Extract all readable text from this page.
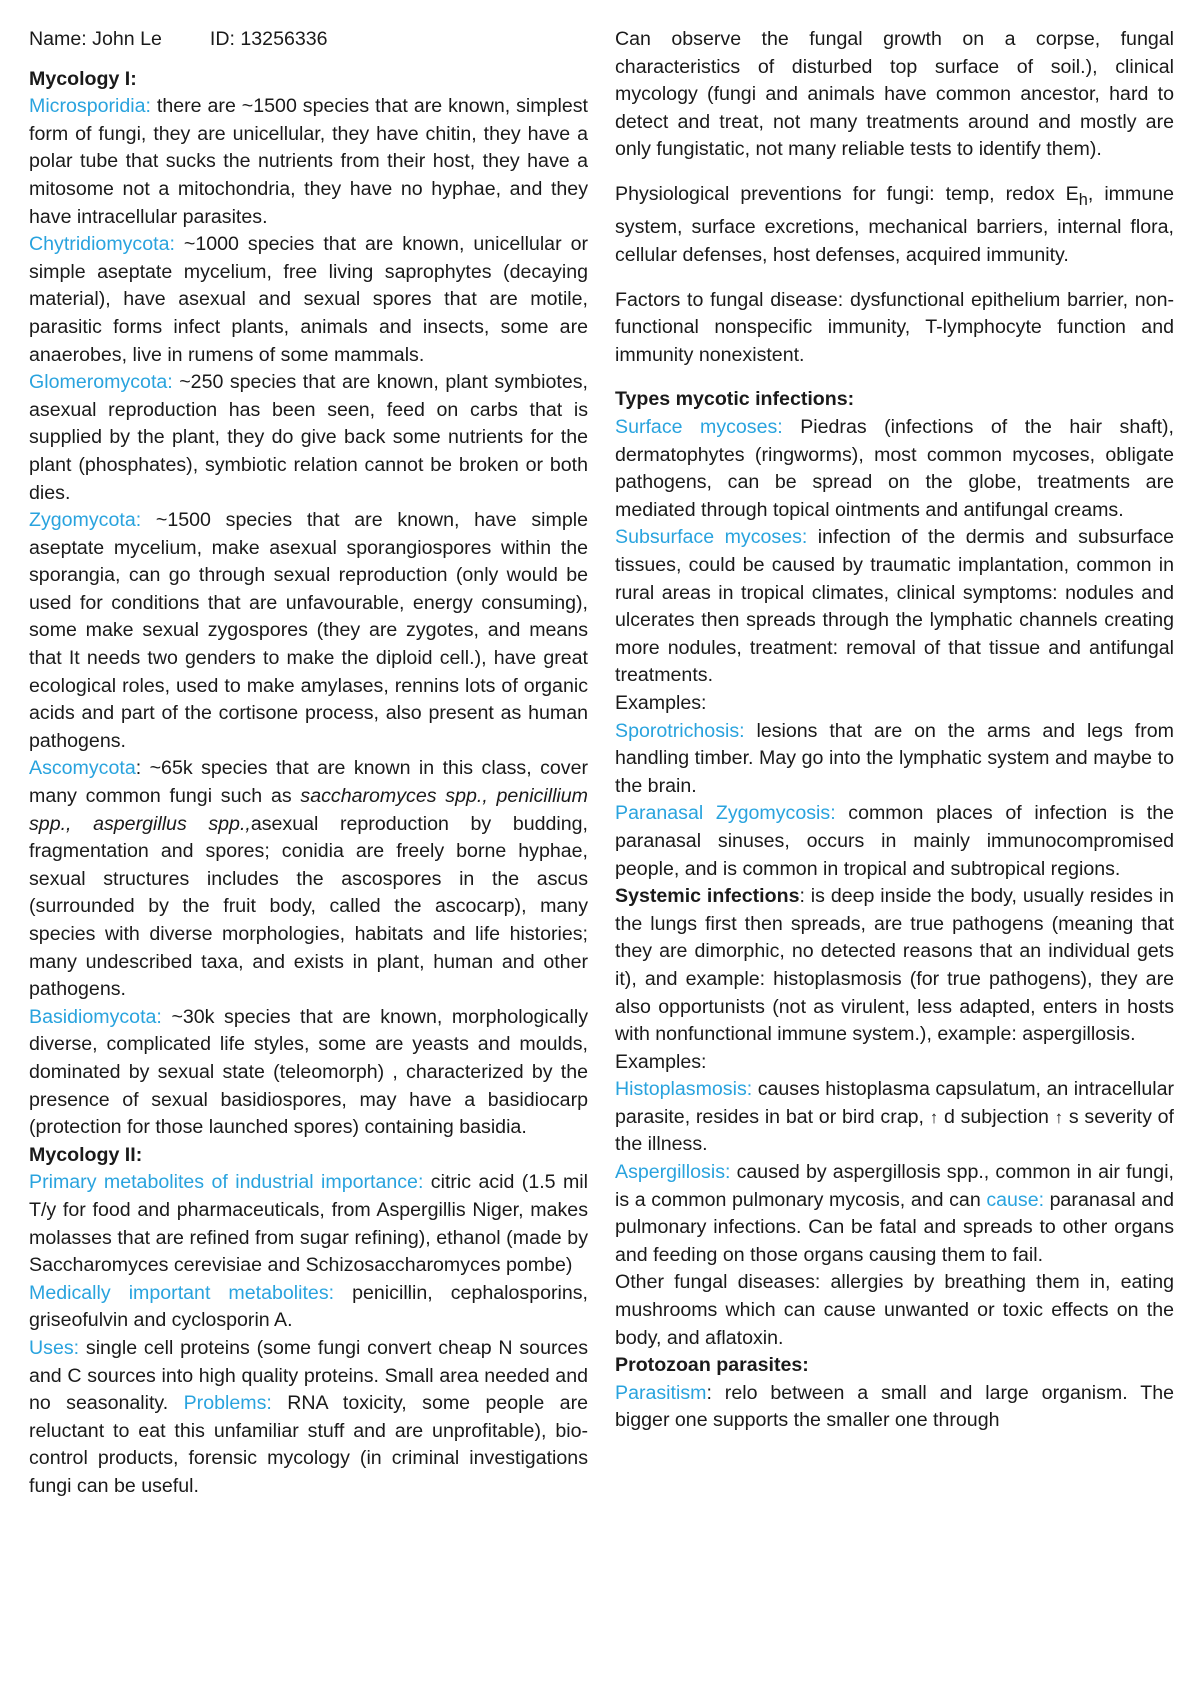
Name: John Le ID: 13256336

Mycology I:

Microsporidia: there are ~1500 species that are known, simplest form of fungi, they are unicellular, they have chitin, they have a polar tube that sucks the nutrients from their host, they have a mitosome not a mitochondria, they have no hyphae, and they have intracellular parasites.

Chytridiomycota: ~1000 species that are known, unicellular or simple aseptate mycelium, free living saprophytes (decaying material), have asexual and sexual spores that are motile, parasitic forms infect plants, animals and insects, some are anaerobes, live in rumens of some mammals.

Glomeromycota: ~250 species that are known, plant symbiotes, asexual reproduction has been seen, feed on carbs that is supplied by the plant, they do give back some nutrients for the plant (phosphates), symbiotic relation cannot be broken or both dies.

Zygomycota: ~1500 species that are known, have simple aseptate mycelium, make asexual sporangiospores within the sporangia, can go through sexual reproduction (only would be used for conditions that are unfavourable, energy consuming), some make sexual zygospores (they are zygotes, and means that It needs two genders to make the diploid cell.), have great ecological roles, used to make amylases, rennins lots of organic acids and part of the cortisone process, also present as human pathogens.

Ascomycota: ~65k species that are known in this class, cover many common fungi such as saccharomyces spp., penicillium spp., aspergillus spp.,asexual reproduction by budding, fragmentation and spores; conidia are freely borne hyphae, sexual structures includes the ascospores in the ascus (surrounded by the fruit body, called the ascocarp), many species with diverse morphologies, habitats and life histories; many undescribed taxa, and exists in plant, human and other pathogens.

Basidiomycota: ~30k species that are known, morphologically diverse, complicated life styles, some are yeasts and moulds, dominated by sexual state (teleomorph) , characterized by the presence of sexual basidiospores, may have a basidiocarp (protection for those launched spores) containing basidia.

Mycology II:

Primary metabolites of industrial importance: citric acid (1.5 mil T/y for food and pharmaceuticals, from Aspergillis Niger, makes molasses that are refined from sugar refining), ethanol (made by Saccharomyces cerevisiae and Schizosaccharomyces pombe)

Medically important metabolites: penicillin, cephalosporins, griseofulvin and cyclosporin A.

Uses: single cell proteins (some fungi convert cheap N sources and C sources into high quality proteins. Small area needed and no seasonality. Problems: RNA toxicity, some people are reluctant to eat this unfamiliar stuff and are unprofitable), bio-control products, forensic mycology (in criminal investigations fungi can be useful.

Can observe the fungal growth on a corpse, fungal characteristics of disturbed top surface of soil.), clinical mycology (fungi and animals have common ancestor, hard to detect and treat, not many treatments around and mostly are only fungistatic, not many reliable tests to identify them).

Physiological preventions for fungi: temp, redox $E_h$, immune system, surface excretions, mechanical barriers, internal flora, cellular defenses, host defenses, acquired immunity.

Factors to fungal disease: dysfunctional epithelium barrier, non-functional nonspecific immunity, T-lymphocyte function and immunity nonexistent.

Types mycotic infections:

Surface mycoses: Piedras (infections of the hair shaft), dermatophytes (ringworms), most common mycoses, obligate pathogens, can be spread on the globe, treatments are mediated through topical ointments and antifungal creams.

Subsurface mycoses: infection of the dermis and subsurface tissues, could be caused by traumatic implantation, common in rural areas in tropical climates, clinical symptoms: nodules and ulcerates then spreads through the lymphatic channels creating more nodules, treatment: removal of that tissue and antifungal treatments.

Examples:

Sporotrichosis: lesions that are on the arms and legs from handling timber. May go into the lymphatic system and maybe to the brain.

Paranasal Zygomycosis: common places of infection is the paranasal sinuses, occurs in mainly immunocompromised people, and is common in tropical and subtropical regions.

Systemic infections: is deep inside the body, usually resides in the lungs first then spreads, are true pathogens (meaning that they are dimorphic, no detected reasons that an individual gets it), and example: histoplasmosis (for true pathogens), they are also opportunists (not as virulent, less adapted, enters in hosts with nonfunctional immune system.), example: aspergillosis.

Examples:

Histoplasmosis: causes histoplasma capsulatum, an intracellular parasite, resides in bat or bird crap, ↑ d subjection ↑ s severity of the illness.

Aspergillosis: caused by aspergillosis spp., common in air fungi, is a common pulmonary mycosis, and can cause: paranasal and pulmonary infections. Can be fatal and spreads to other organs and feeding on those organs causing them to fail.

Other fungal diseases: allergies by breathing them in, eating mushrooms which can cause unwanted or toxic effects on the body, and aflatoxin.

Protozoan parasites:

Parasitism: relo between a small and large organism. The bigger one supports the smaller one through
